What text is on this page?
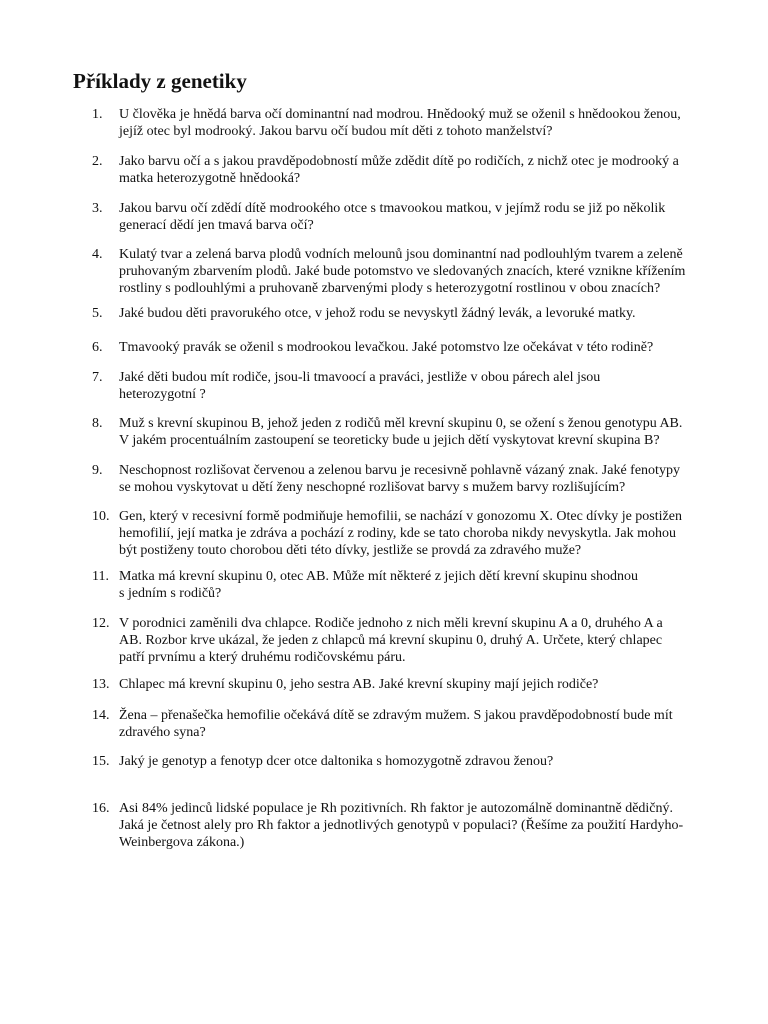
Příklady z genetiky
1.	U člověka je hnědá barva očí dominantní nad modrou. Hnědooký muž se oženil s hnědookou ženou,
jejíž otec byl modrooký. Jakou barvu očí budou mít děti z tohoto manželství?
2.	Jako barvu očí a s jakou pravděpodobností může zdědit dítě po rodičích, z nichž otec je modrooký a
matka heterozygotně hnědooká?
3.	Jakou barvu očí zdědí dítě modrookého otce s tmavookou matkou, v jejímž rodu se již po několik
generací dědí jen tmavá barva očí?
4.	Kulatý tvar a zelená barva plodů vodních melounů jsou dominantní nad podlouhlým tvarem a zeleně
pruhovaným zbarvením plodů. Jaké bude potomstvo ve sledovaných znacích, které vznikne křížením
rostliny s podlouhlými a pruhovaně zbarvenými plody s heterozygotní rostlinou v obou znacích?
5.	Jaké budou děti pravorukého otce, v jehož rodu se nevyskytl žádný levák, a levoruké matky.
6.	Tmavooký pravák se oženil s modrookou levačkou. Jaké potomstvo lze očekávat v této rodině?
7.	Jaké děti budou mít rodiče, jsou-li tmavoocí a praváci, jestliže v obou párech alel jsou
heterozygotní ?
8.	Muž s krevní skupinou B, jehož jeden z rodičů měl krevní skupinu 0, se ožení s ženou genotypu AB.
V jakém procentuálním zastoupení se teoreticky bude u jejich dětí vyskytovat krevní skupina B?
9.	Neschopnost rozlišovat červenou a zelenou barvu je recesivně pohlavně vázaný znak. Jaké fenotypy
se mohou vyskytovat u dětí ženy neschopné rozlišovat barvy s mužem barvy rozlišujícím?
10. Gen, který v recesivní formě podmiňuje hemofilii, se nachází v gonozomu X. Otec dívky je postižen
hemofilií, její matka je zdráva a pochází z rodiny, kde se tato choroba nikdy nevyskytla. Jak mohou
být postiženy touto chorobou děti této dívky, jestliže se provdá za zdravého muže?
11. Matka má krevní skupinu 0, otec AB. Může mít některé z jejich dětí krevní skupinu shodnou
s jedním s rodičů?
12. V porodnici zaměnili dva chlapce. Rodiče jednoho z nich měli krevní skupinu A a 0, druhého A a
AB. Rozbor krve ukázal, že jeden z chlapců má krevní skupinu 0, druhý A. Určete, který chlapec
patří prvnímu a který druhému rodičovskému páru.
13. Chlapec má krevní skupinu 0, jeho sestra AB. Jaké krevní skupiny mají jejich rodiče?
14. Žena – přenašečka hemofilie očekává dítě se zdravým mužem. S jakou pravděpodobností bude mít
zdravého syna?
15. Jaký je genotyp a fenotyp dcer otce daltonika s homozygotně zdravou ženou?
16. Asi 84% jedinců lidské populace je Rh pozitivních. Rh faktor je autozomálně dominantně dědičný.
Jaká je četnost alely pro Rh faktor a jednotlivých genotypů v populaci? (Řešíme za použití Hardyho-
Weinbergova zákona.)
